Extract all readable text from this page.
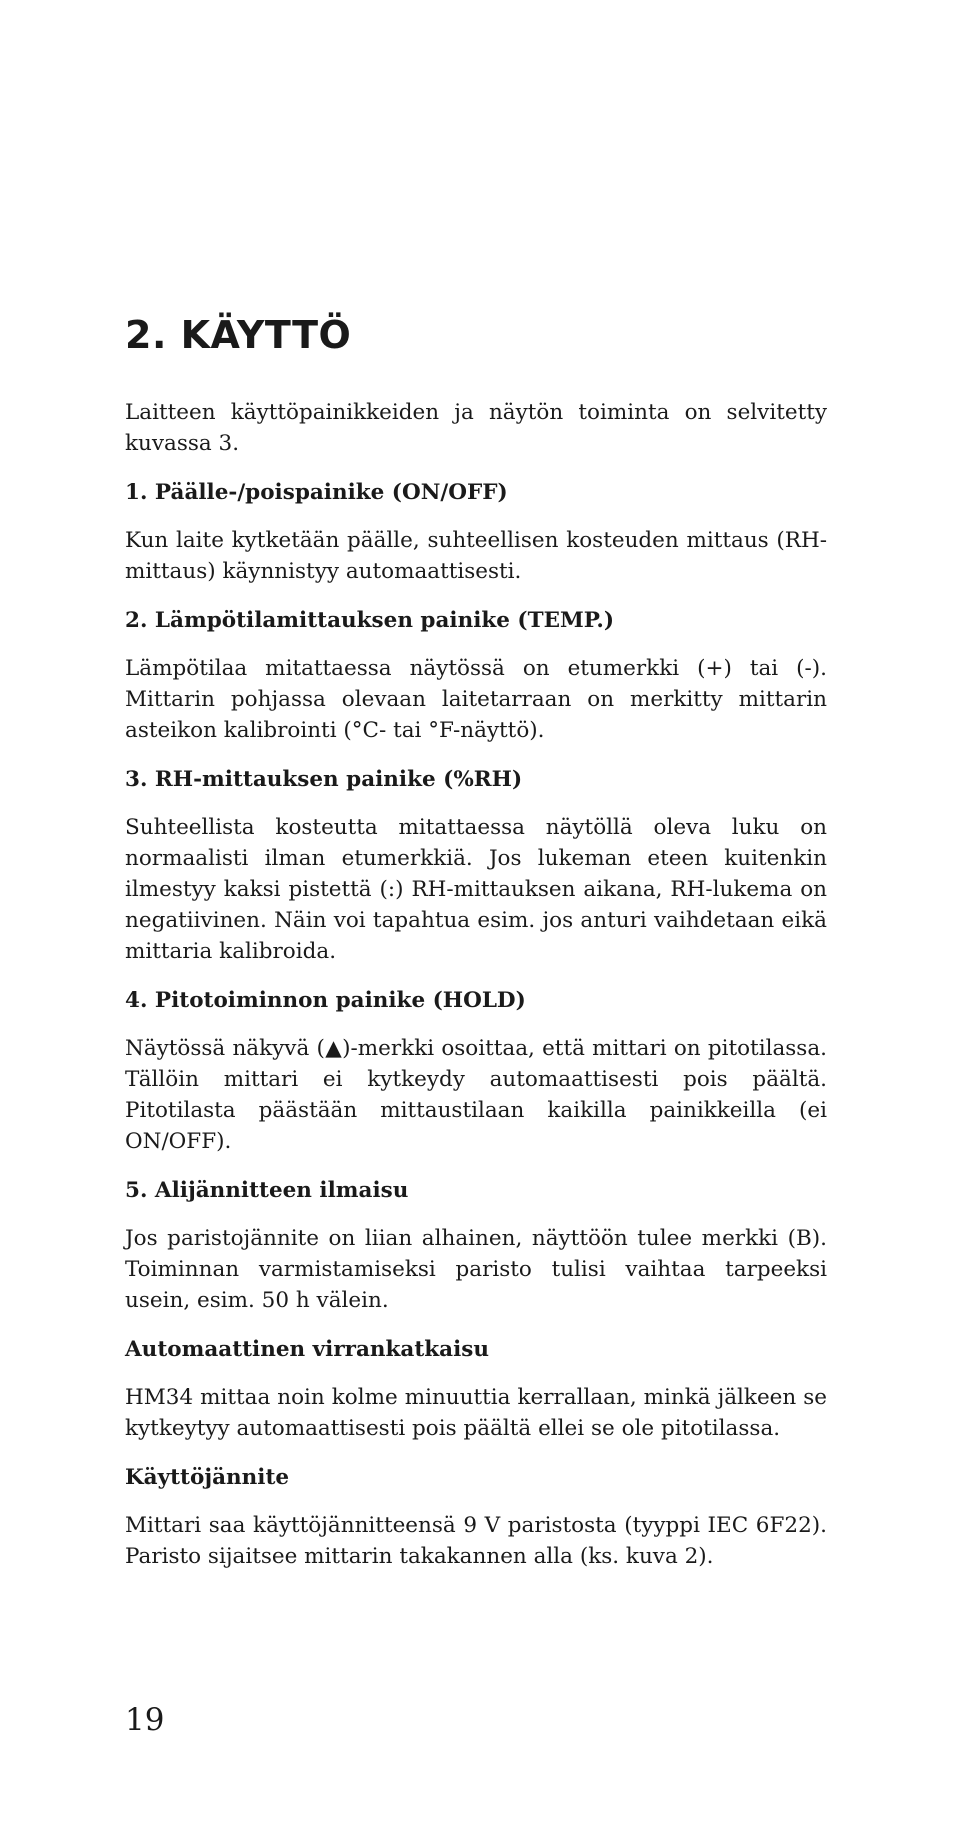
2. KÄYTTÖ

Laitteen käyttöpainikkeiden ja näytön toiminta on selvitetty kuvassa 3.

1. Päälle-/poispainike (ON/OFF)

Kun laite kytketään päälle, suhteellisen kosteuden mittaus (RH-mittaus) käynnistyy automaattisesti.

2. Lämpötilamittauksen painike (TEMP.)

Lämpötilaa mitattaessa näytössä on etumerkki (+) tai (-). Mittarin pohjassa olevaan laitetarraan on merkitty mittarin asteikon kalibrointi (°C- tai °F-näyttö).

3. RH-mittauksen painike (%RH)

Suhteellista kosteutta mitattaessa näytöllä oleva luku on normaalisti ilman etumerkkiä. Jos lukeman eteen kuitenkin ilmestyy kaksi pistettä (:) RH-mittauksen aikana, RH-lukema on negatiivinen. Näin voi tapahtua esim. jos anturi vaihdetaan eikä mittaria kalibroida.

4. Pitotoiminnon painike (HOLD)

Näytössä näkyvä (▲)-merkki osoittaa, että mittari on pitotilassa. Tällöin mittari ei kytkeydy automaattisesti pois päältä. Pitotilasta päästään mittaustilaan kaikilla painikkeilla (ei ON/OFF).

5. Alijännitteen ilmaisu

Jos paristojännite on liian alhainen, näyttöön tulee merkki (B). Toiminnan varmistamiseksi paristo tulisi vaihtaa tarpeeksi usein, esim. 50 h välein.

Automaattinen virrankatkaisu

HM34 mittaa noin kolme minuuttia kerrallaan, minkä jälkeen se kytkeytyy automaattisesti pois päältä ellei se ole pitotilassa.

Käyttöjännite

Mittari saa käyttöjännitteensä 9 V paristosta (tyyppi IEC 6F22). Paristo sijaitsee mittarin takakannen alla (ks. kuva 2).

19
